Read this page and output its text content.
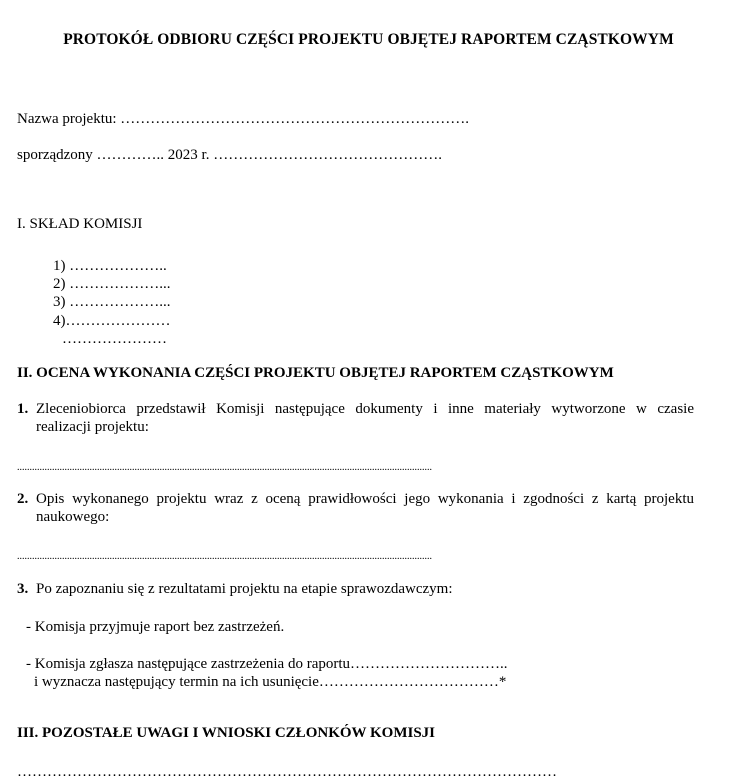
PROTOKÓŁ ODBIORU CZĘŚCI PROJEKTU OBJĘTEJ RAPORTEM CZĄSTKOWYM
Nazwa projektu: …………………………………………………………….
sporządzony ………….. 2023 r. ……………………………………….
I. SKŁAD KOMISJI
1) ………………..
2) ………………...
3) ………………...
4)…………………
…………………
II. OCENA WYKONANIA CZĘŚCI PROJEKTU OBJĘTEJ RAPORTEM CZĄSTKOWYM
1. Zleceniobiorca przedstawił Komisji następujące dokumenty i inne materiały wytworzone w czasie
realizacji projektu:
......................................................................................................................................................................
2. Opis wykonanego projektu wraz z oceną prawidłowości jego wykonania i zgodności z kartą projektu
naukowego:
......................................................................................................................................................................
3. Po zapoznaniu się z rezultatami projektu na etapie sprawozdawczym:
- Komisja przyjmuje raport bez zastrzeżeń.
- Komisja zgłasza następujące zastrzeżenia do raportu…………………………..
i wyznacza następujący termin na ich usunięcie………………………………*
III. POZOSTAŁE UWAGI I WNIOSKI CZŁONKÓW KOMISJI
………………………………………………………………………………………………
